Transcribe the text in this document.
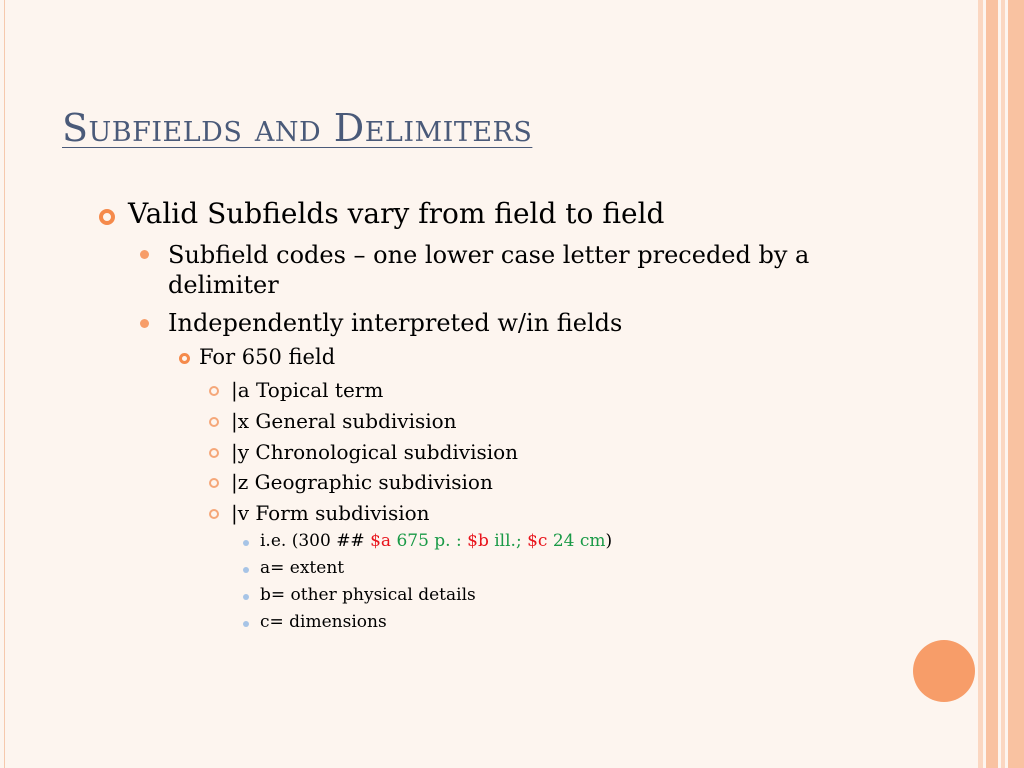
Subfields and Delimiters
Valid Subfields vary from field to field
Subfield codes – one lower case letter preceded by a
delimiter
Independently interpreted w/in fields
For 650 field
|a Topical term
|x General subdivision
|y Chronological subdivision
|z Geographic subdivision
|v Form subdivision
i.e. (300 ## $a 675 p. : $b ill.; $c 24 cm)
a= extent
b= other physical details
c= dimensions
